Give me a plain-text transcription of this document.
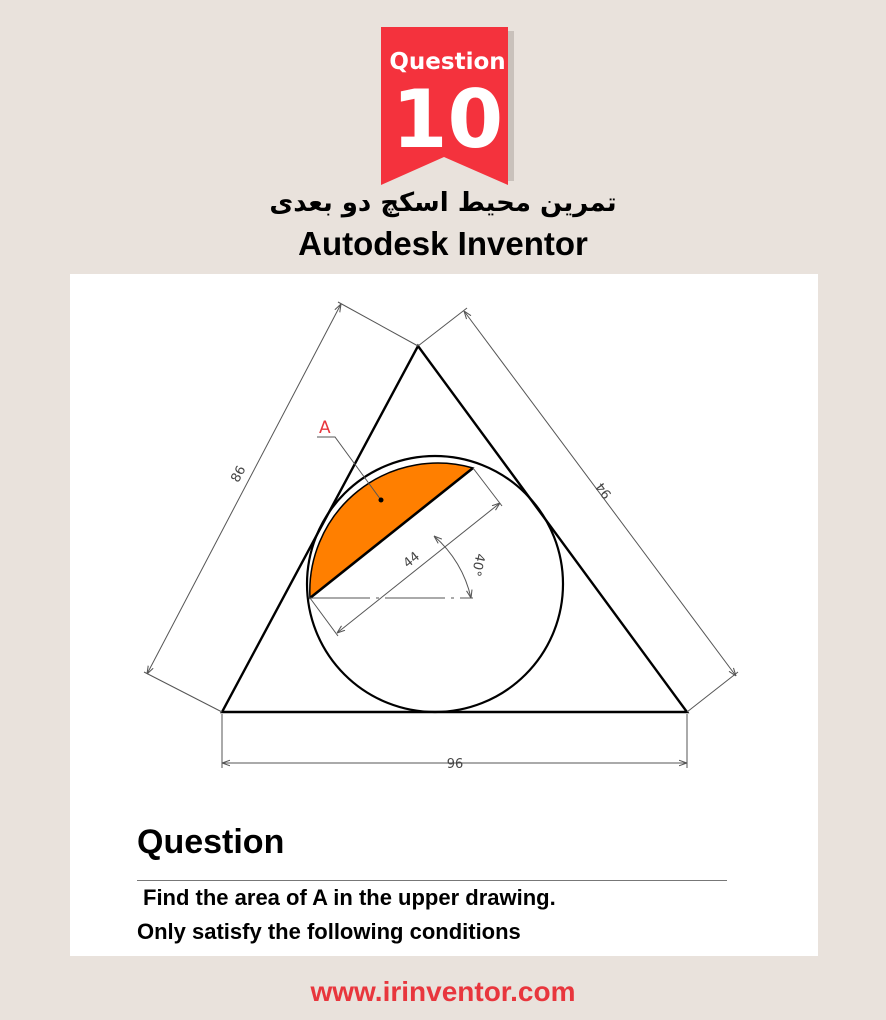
Question
10
تمرین محیط اسکچ دو بعدی
Autodesk Inventor
A
86
94
96
44	40°
Question
Find the area of A in the upper drawing.
Only satisfy the following conditions
www.irinventor.com
